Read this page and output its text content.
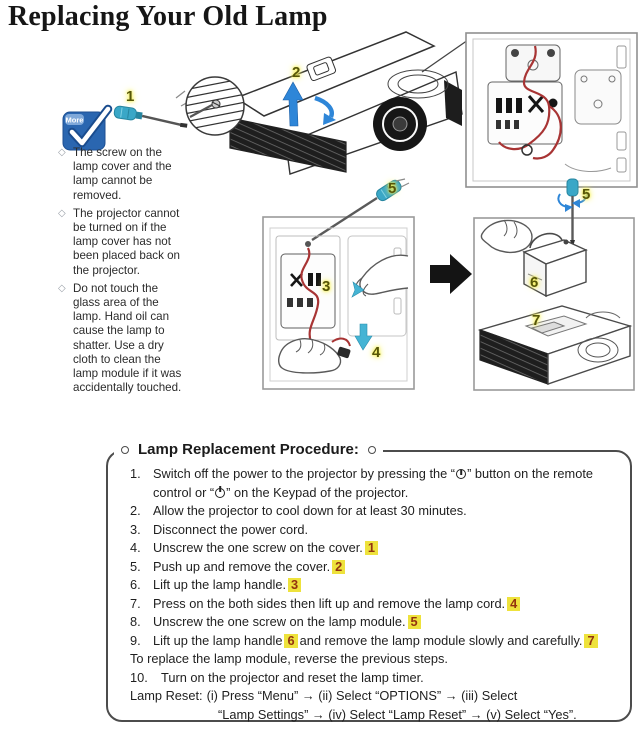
Replacing Your Old Lamp
More
1
2
3
4
5	5
6
7
◇ The screw on the lamp cover and the lamp cannot be removed.
◇ The projector cannot be turned on if the lamp cover has not been placed back on the projector.
◇ Do not touch the glass area of the lamp. Hand oil can cause the lamp to shatter. Use a dry cloth to clean the lamp module if it was accidentally touched.
Lamp Replacement Procedure:
1. Switch off the power to the projector by pressing the “ ” button on the remote control or “ ” on the Keypad of the projector.
2. Allow the projector to cool down for at least 30 minutes.
3. Disconnect the power cord.
4. Unscrew the one screw on the cover. 1
5. Push up and remove the cover. 2
6. Lift up the lamp handle. 3
7. Press on the both sides then lift up and remove the lamp cord. 4
8. Unscrew the one screw on the lamp module. 5
9. Lift up the lamp handle 6 and remove the lamp module slowly and carefully. 7
To replace the lamp module, reverse the previous steps.
10. Turn on the projector and reset the lamp timer.
Lamp Reset: (i) Press “Menu” → (ii) Select “OPTIONS” → (iii) Select
“Lamp Settings” → (iv) Select “Lamp Reset” → (v) Select “Yes”.
